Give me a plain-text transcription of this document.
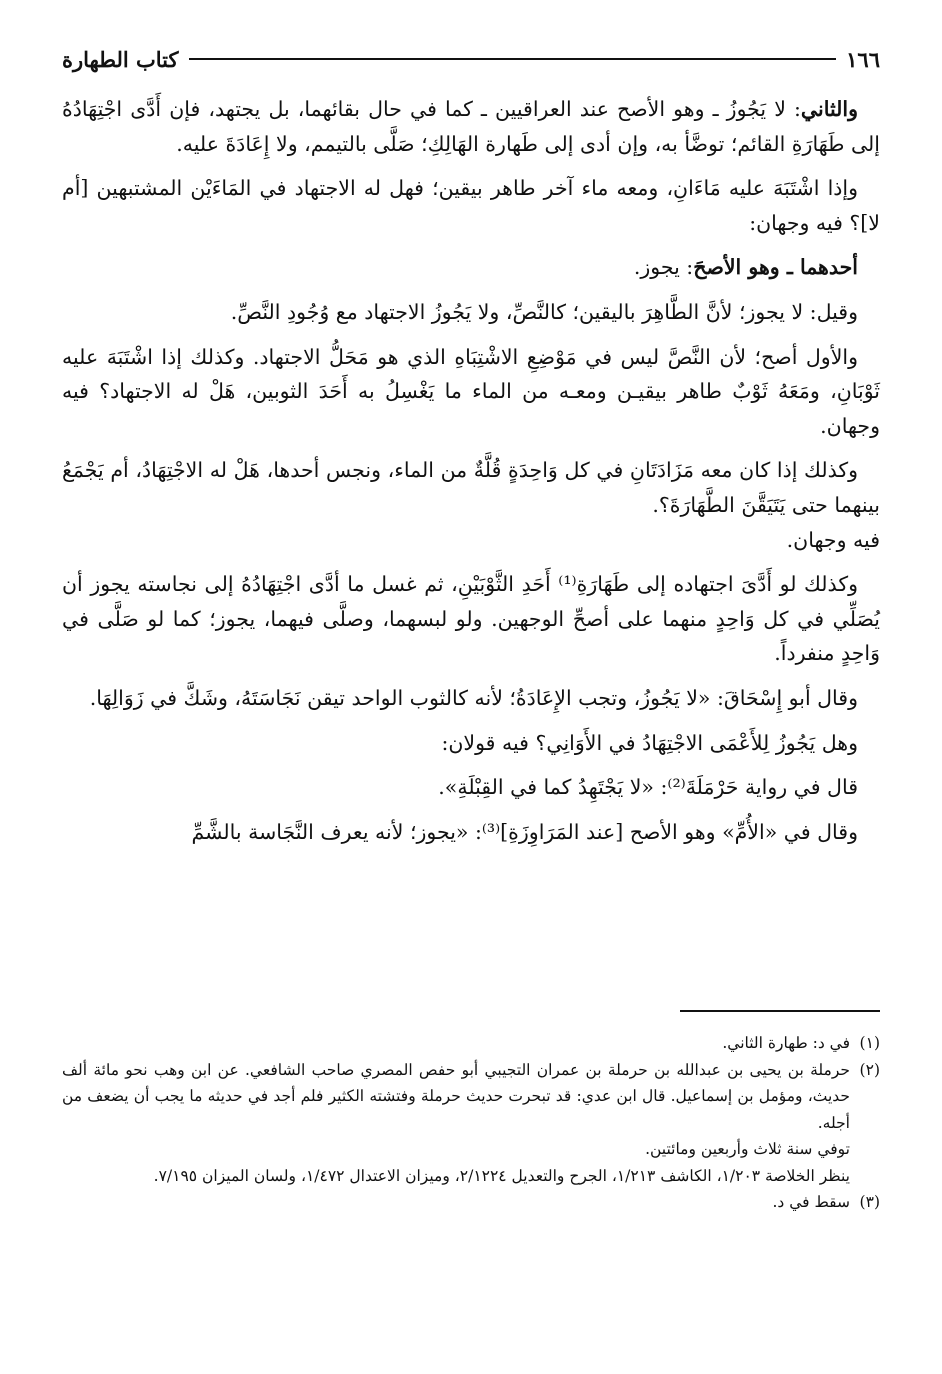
١٦٦
كتاب الطهارة

والثاني: لا يَجُوزُ ـ وهو الأصح عند العراقيين ـ كما في حال بقائهما، بل يجتهد، فإن أَدَّى اجْتِهَادُهُ إلى طَهَارَةِ القائم؛ توضَّأ به، وإن أدى إلى طَهارة الهَالِكِ؛ صَلَّى بالتيمم، ولا إِعَادَةَ عليه.

وإذا اشْتَبَهَ عليه مَاءَانِ، ومعه ماء آخر طاهر بيقين؛ فهل له الاجتهاد في المَاءَيْن المشتبهين [أم لا]؟ فيه وجهان:

أحدهما ـ وهو الأصحَ: يجوز.

وقيل: لا يجوز؛ لأنَّ الطَّاهِرَ باليقين؛ كالنَّصِّ، ولا يَجُوزُ الاجتهاد مع وُجُودِ النَّصِّ.

والأول أصح؛ لأن النَّصَّ ليس في مَوْضِعِ الاشْتِبَاهِ الذي هو مَحَلُّ الاجتهاد. وكذلك إذا اشْتَبَهَ عليه ثَوْبَانِ، ومَعَهُ ثَوْبٌ طاهر بيقيـن ومعـه من الماء ما يَغْسِلُ به أَحَدَ الثوبين، هَلْ له الاجتهاد؟ فيه وجهان.

وكذلك إذا كان معه مَزَادَتَانِ في كل وَاحِدَةٍ قُلَّةٌ من الماء، ونجس أحدها، هَلْ له الاجْتِهَادُ، أم يَجْمَعُ بينهما حتى يَتَيَقَّنَ الطَّهَارَةَ؟.

فيه وجهان.

وكذلك لو أَدَّىَ اجتهاده إلى طَهَارَةِ⁽¹⁾ أَحَدِ الثَّوْبَيْنِ، ثم غسل ما أدَّى اجْتِهَادُهُ إلى نجاسته يجوز أن يُصَلِّي في كل وَاحِدٍ منهما على أصحِّ الوجهين. ولو لبسهما، وصلَّى فيهما، يجوز؛ كما لو صَلَّى في وَاحِدٍ منفرداً.

وقال أبو إِسْحَاقَ: «لا يَجُوزُ، وتجب الإِعَادَةُ؛ لأنه كالثوب الواحد تيقن نَجَاسَتَهُ، وشَكَّ في زَوَالِهَا.

وهل يَجُوزُ لِلأَعْمَى الاجْتِهَادُ في الأَوَانِي؟ فيه قولان:

قال في رواية حَرْمَلَةَ⁽²⁾: «لا يَجْتَهِدُ كما في القِبْلَةِ».

وقال في «الأُمِّ» وهو الأصح [عند المَرَاوِزَةِ]⁽³⁾: «يجوز؛ لأنه يعرف النَّجَاسة بالشَّمِّ

(١)
في د: طهارة الثاني.
(٢)
حرملة بن يحيى بن عبدالله بن حرملة بن عمران التجيبي أبو حفص المصري صاحب الشافعي. عن ابن وهب نحو مائة ألف حديث، ومؤمل بن إسماعيل. قال ابن عدي: قد تبحرت حديث حرملة وفتشته الكثير فلم أجد في حديثه ما يجب أن يضعف من أجله.
توفي سنة ثلاث وأربعين ومائتين.
ينظر الخلاصة ١/٢٠٣، الكاشف ١/٢١٣، الجرح والتعديل ٢/١٢٢٤، وميزان الاعتدال ١/٤٧٢، ولسان الميزان ٧/١٩٥.
(٣)
سقط في د.
